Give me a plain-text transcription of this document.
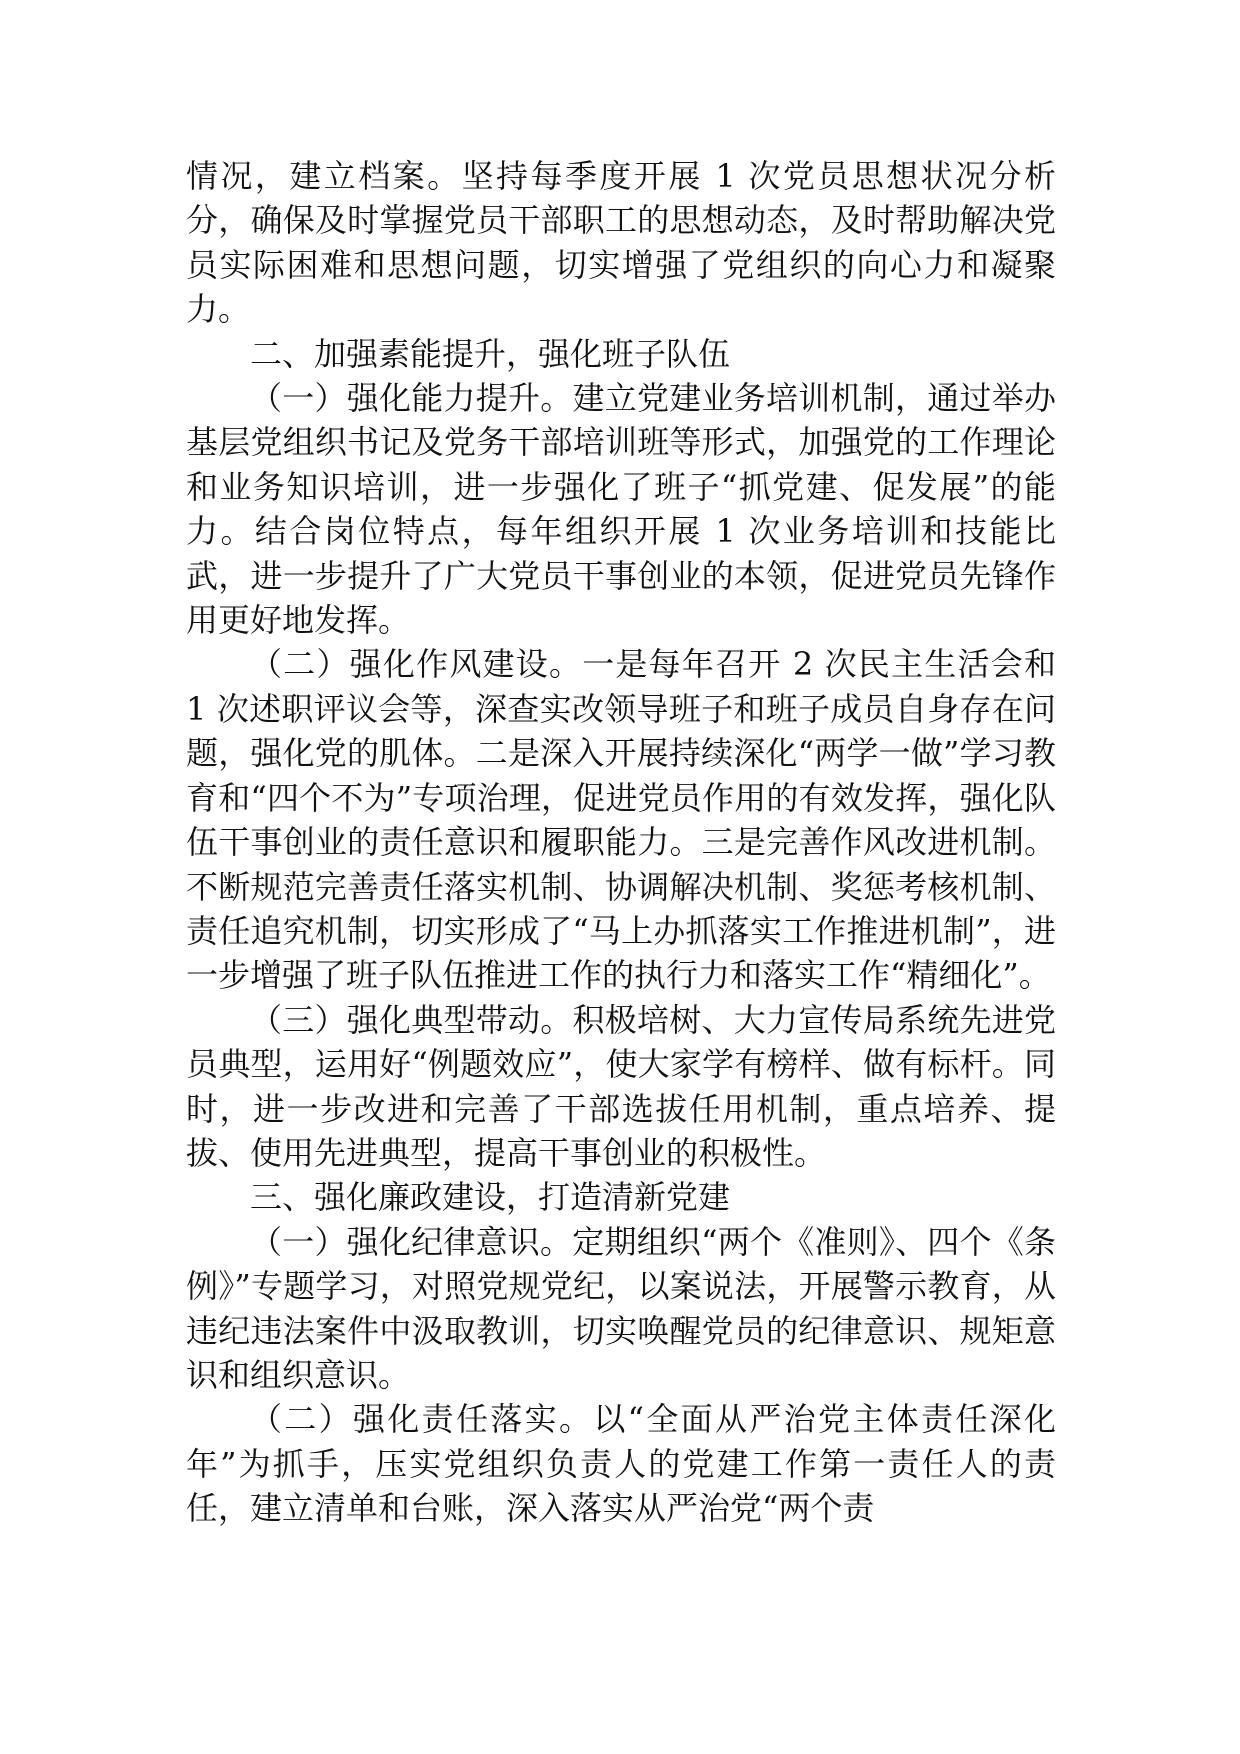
情况，建立档案。坚持每季度开展 1 次党员思想状况分析分，确保及时掌握党员干部职工的思想动态，及时帮助解决党员实际困难和思想问题，切实增强了党组织的向心力和凝聚力。

二、加强素能提升，强化班子队伍

（一）强化能力提升。建立党建业务培训机制，通过举办基层党组织书记及党务干部培训班等形式，加强党的工作理论和业务知识培训，进一步强化了班子“抓党建、促发展”的能力。结合岗位特点，每年组织开展 1 次业务培训和技能比武，进一步提升了广大党员干事创业的本领，促进党员先锋作用更好地发挥。

（二）强化作风建设。一是每年召开 2 次民主生活会和 1 次述职评议会等，深查实改领导班子和班子成员自身存在问题，强化党的肌体。二是深入开展持续深化“两学一做”学习教育和“四个不为”专项治理，促进党员作用的有效发挥，强化队伍干事创业的责任意识和履职能力。三是完善作风改进机制。不断规范完善责任落实机制、协调解决机制、奖惩考核机制、责任追究机制，切实形成了“马上办抓落实工作推进机制”，进一步增强了班子队伍推进工作的执行力和落实工作“精细化”。

（三）强化典型带动。积极培树、大力宣传局系统先进党员典型，运用好“例题效应”，使大家学有榜样、做有标杆。同时，进一步改进和完善了干部选拔任用机制，重点培养、提拔、使用先进典型，提高干事创业的积极性。

三、强化廉政建设，打造清新党建

（一）强化纪律意识。定期组织“两个《准则》、四个《条例》”专题学习，对照党规党纪，以案说法，开展警示教育，从违纪违法案件中汲取教训，切实唤醒党员的纪律意识、规矩意识和组织意识。

（二）强化责任落实。以“全面从严治党主体责任深化年”为抓手，压实党组织负责人的党建工作第一责任人的责任，建立清单和台账，深入落实从严治党“两个责
